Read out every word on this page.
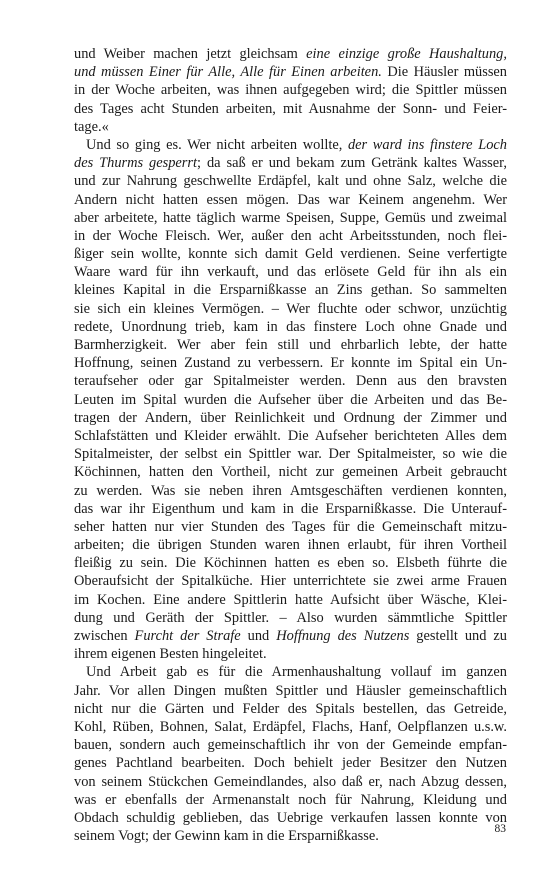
und Weiber machen jetzt gleichsam eine einzige große Haushaltung,
und müssen Einer für Alle, Alle für Einen arbeiten. Die Häusler müssen
in der Woche arbeiten, was ihnen aufgegeben wird; die Spittler müssen
des Tages acht Stunden arbeiten, mit Ausnahme der Sonn- und Feier-
tage.«
Und so ging es. Wer nicht arbeiten wollte, der ward ins finstere Loch
des Thurms gesperrt; da saß er und bekam zum Getränk kaltes Wasser,
und zur Nahrung geschwellte Erdäpfel, kalt und ohne Salz, welche die
Andern nicht hatten essen mögen. Das war Keinem angenehm. Wer
aber arbeitete, hatte täglich warme Speisen, Suppe, Gemüs und zweimal
in der Woche Fleisch. Wer, außer den acht Arbeitsstunden, noch flei-
ßiger sein wollte, konnte sich damit Geld verdienen. Seine verfertigte
Waare ward für ihn verkauft, und das erlösete Geld für ihn als ein
kleines Kapital in die Ersparnißkasse an Zins gethan. So sammelten
sie sich ein kleines Vermögen. – Wer fluchte oder schwor, unzüchtig
redete, Unordnung trieb, kam in das finstere Loch ohne Gnade und
Barmherzigkeit. Wer aber fein still und ehrbarlich lebte, der hatte
Hoffnung, seinen Zustand zu verbessern. Er konnte im Spital ein Un-
teraufseher oder gar Spitalmeister werden. Denn aus den bravsten
Leuten im Spital wurden die Aufseher über die Arbeiten und das Be-
tragen der Andern, über Reinlichkeit und Ordnung der Zimmer und
Schlafstätten und Kleider erwählt. Die Aufseher berichteten Alles dem
Spitalmeister, der selbst ein Spittler war. Der Spitalmeister, so wie die
Köchinnen, hatten den Vortheil, nicht zur gemeinen Arbeit gebraucht
zu werden. Was sie neben ihren Amtsgeschäften verdienen konnten,
das war ihr Eigenthum und kam in die Ersparnißkasse. Die Unterauf-
seher hatten nur vier Stunden des Tages für die Gemeinschaft mitzu-
arbeiten; die übrigen Stunden waren ihnen erlaubt, für ihren Vortheil
fleißig zu sein. Die Köchinnen hatten es eben so. Elsbeth führte die
Oberaufsicht der Spitalküche. Hier unterrichtete sie zwei arme Frauen
im Kochen. Eine andere Spittlerin hatte Aufsicht über Wäsche, Klei-
dung und Geräth der Spittler. – Also wurden sämmtliche Spittler
zwischen Furcht der Strafe und Hoffnung des Nutzens gestellt und zu
ihrem eigenen Besten hingeleitet.
Und Arbeit gab es für die Armenhaushaltung vollauf im ganzen
Jahr. Vor allen Dingen mußten Spittler und Häusler gemeinschaftlich
nicht nur die Gärten und Felder des Spitals bestellen, das Getreide,
Kohl, Rüben, Bohnen, Salat, Erdäpfel, Flachs, Hanf, Oelpflanzen u.s.w.
bauen, sondern auch gemeinschaftlich ihr von der Gemeinde empfan-
genes Pachtland bearbeiten. Doch behielt jeder Besitzer den Nutzen
von seinem Stückchen Gemeindlandes, also daß er, nach Abzug dessen,
was er ebenfalls der Armenanstalt noch für Nahrung, Kleidung und
Obdach schuldig geblieben, das Uebrige verkaufen lassen konnte von
seinem Vogt; der Gewinn kam in die Ersparnißkasse.	83
